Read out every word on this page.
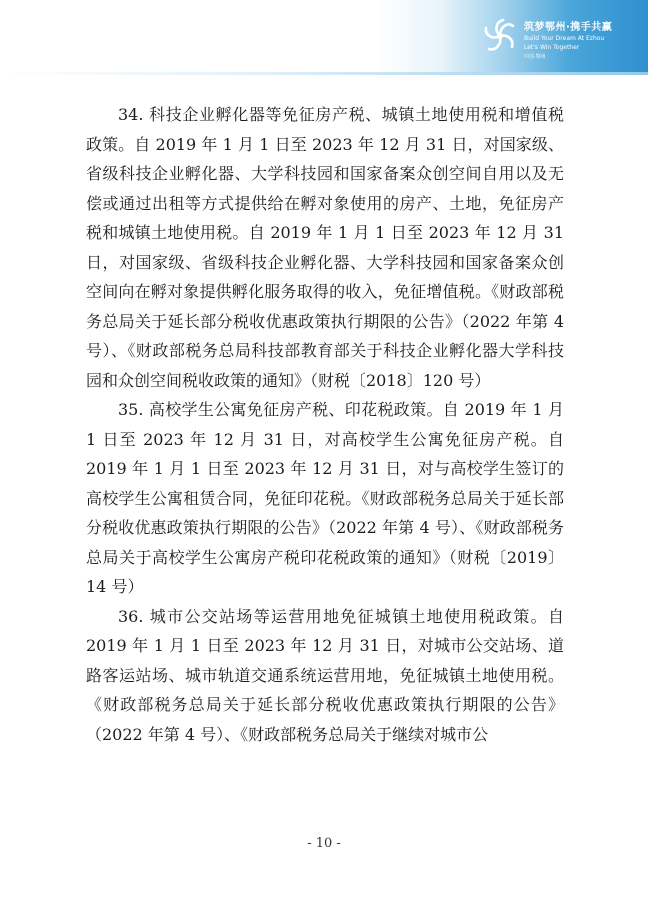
筑梦鄂州·携手共赢
Build Your Dream At Ezhou
Let's Win Together
中国·鄂州

34. 科技企业孵化器等免征房产税、城镇土地使用税和增值税政策。自 2019 年 1 月 1 日至 2023 年 12 月 31 日，对国家级、省级科技企业孵化器、大学科技园和国家备案众创空间自用以及无偿或通过出租等方式提供给在孵对象使用的房产、土地，免征房产税和城镇土地使用税。自 2019 年 1 月 1 日至 2023 年 12 月 31 日，对国家级、省级科技企业孵化器、大学科技园和国家备案众创空间向在孵对象提供孵化服务取得的收入，免征增值税。《财政部税务总局关于延长部分税收优惠政策执行期限的公告》（2022 年第 4 号）、《财政部税务总局科技部教育部关于科技企业孵化器大学科技园和众创空间税收政策的通知》（财税〔2018〕120 号）

35. 高校学生公寓免征房产税、印花税政策。自 2019 年 1 月 1 日至 2023 年 12 月 31 日，对高校学生公寓免征房产税。自 2019 年 1 月 1 日至 2023 年 12 月 31 日，对与高校学生签订的高校学生公寓租赁合同，免征印花税。《财政部税务总局关于延长部分税收优惠政策执行期限的公告》（2022 年第 4 号）、《财政部税务总局关于高校学生公寓房产税印花税政策的通知》（财税〔2019〕14 号）

36. 城市公交站场等运营用地免征城镇土地使用税政策。自 2019 年 1 月 1 日至 2023 年 12 月 31 日，对城市公交站场、道路客运站场、城市轨道交通系统运营用地，免征城镇土地使用税。《财政部税务总局关于延长部分税收优惠政策执行期限的公告》（2022 年第 4 号）、《财政部税务总局关于继续对城市公

- 10 -
